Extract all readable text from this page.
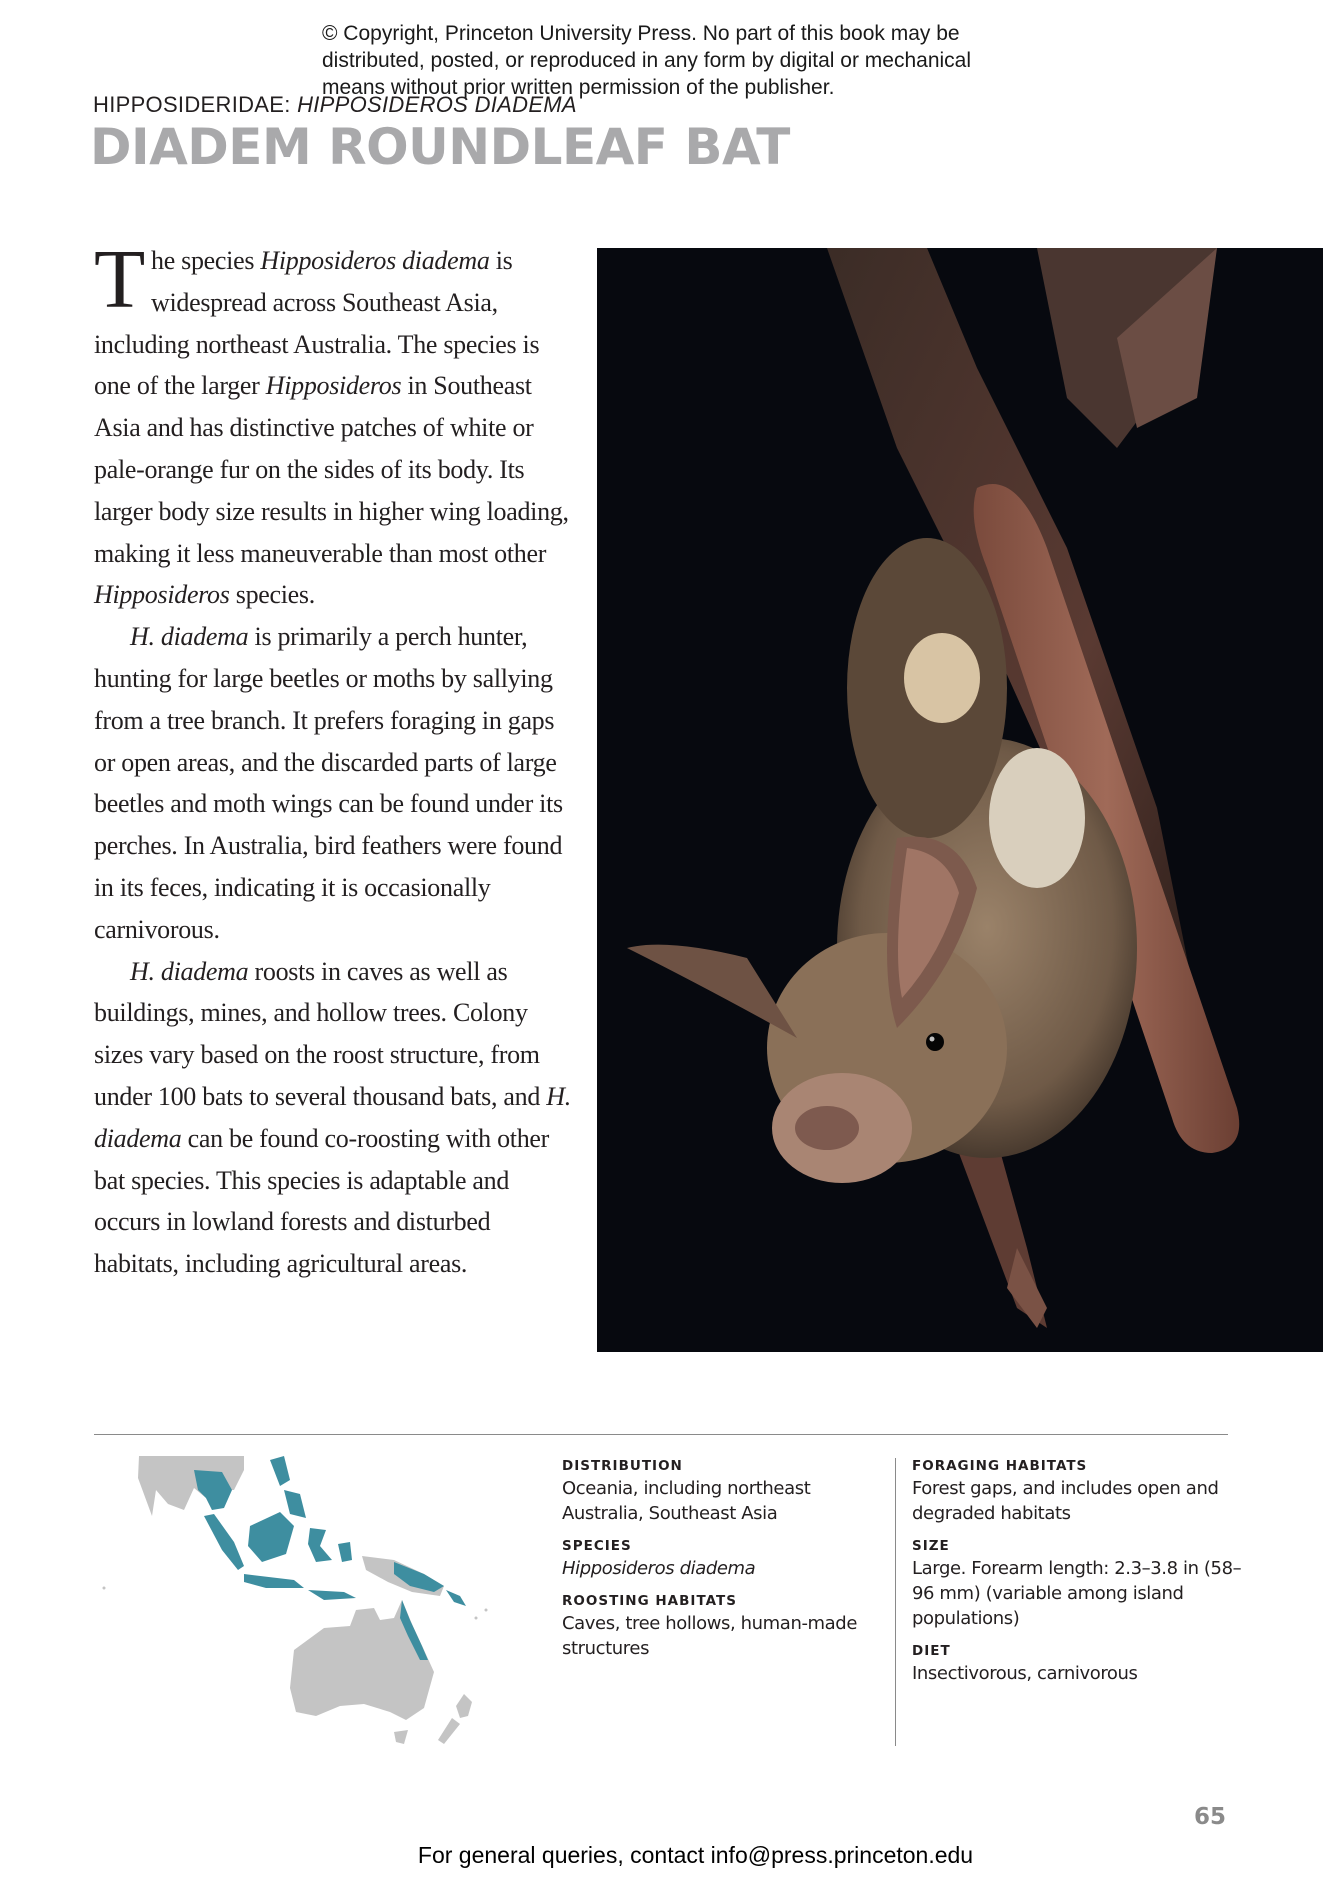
© Copyright, Princeton University Press. No part of this book may be
distributed, posted, or reproduced in any form by digital or mechanical
means without prior written permission of the publisher.
HIPPOSIDERIDAE: HIPPOSIDEROS DIADEMA
DIADEM ROUNDLEAF BAT

The species Hipposideros diadema is widespread across Southeast Asia, including northeast Australia. The species is one of the larger Hipposideros in Southeast Asia and has distinctive patches of white or pale-orange fur on the sides of its body. Its larger body size results in higher wing loading, making it less maneuverable than most other Hipposideros species.

H. diadema is primarily a perch hunter, hunting for large beetles or moths by sallying from a tree branch. It prefers foraging in gaps or open areas, and the discarded parts of large beetles and moth wings can be found under its perches. In Australia, bird feathers were found in its feces, indicating it is occasionally carnivorous.

H. diadema roosts in caves as well as buildings, mines, and hollow trees. Colony sizes vary based on the roost structure, from under 100 bats to several thousand bats, and H. diadema can be found co-roosting with other bat species. This species is adaptable and occurs in lowland forests and disturbed habitats, including agricultural areas.

DISTRIBUTION

Oceania, including northeast Australia, Southeast Asia

SPECIES

Hipposideros diadema

ROOSTING HABITATS

Caves, tree hollows, human-made structures

FORAGING HABITATS

Forest gaps, and includes open and degraded habitats

SIZE

Large. Forearm length: 2.3–3.8 in (58–96 mm) (variable among island populations)

DIET

Insectivorous, carnivorous

65
For general queries, contact info@press.princeton.edu
